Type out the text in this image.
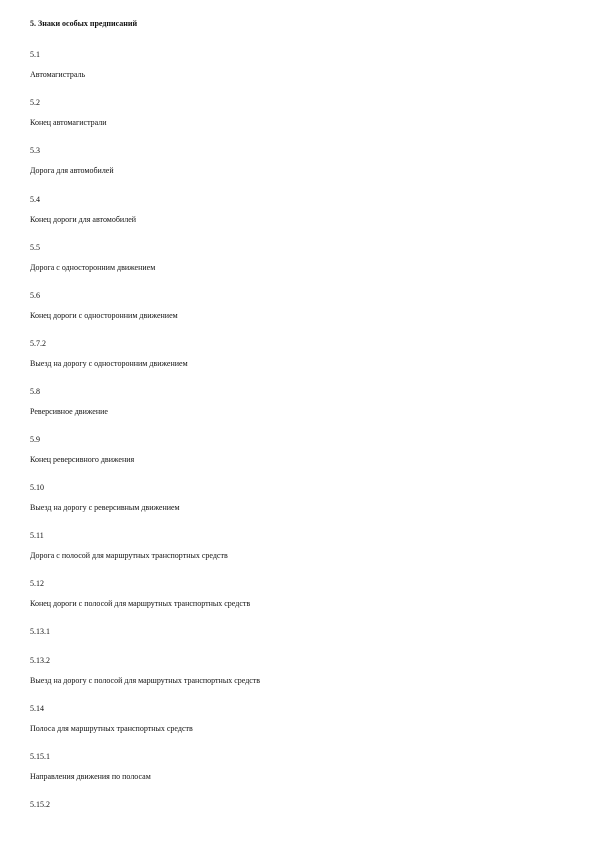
5. Знаки особых предписаний
5.1
Автомагистраль
5.2
Конец автомагистрали
5.3
Дорога для автомобилей
5.4
Конец дороги для автомобилей
5.5
Дорога с односторонним движением
5.6
Конец дороги с односторонним движением
5.7.2
Выезд на дорогу с односторонним движением
5.8
Реверсивное движение
5.9
Конец реверсивного движения
5.10
Выезд на дорогу с реверсивным движением
5.11
Дорога с полосой для маршрутных транспортных средств
5.12
Конец дороги с полосой для маршрутных транспортных средств
5.13.1
5.13.2
Выезд на дорогу с полосой для маршрутных транспортных средств
5.14
Полоса для маршрутных транспортных средств
5.15.1
Направления движения по полосам
5.15.2
